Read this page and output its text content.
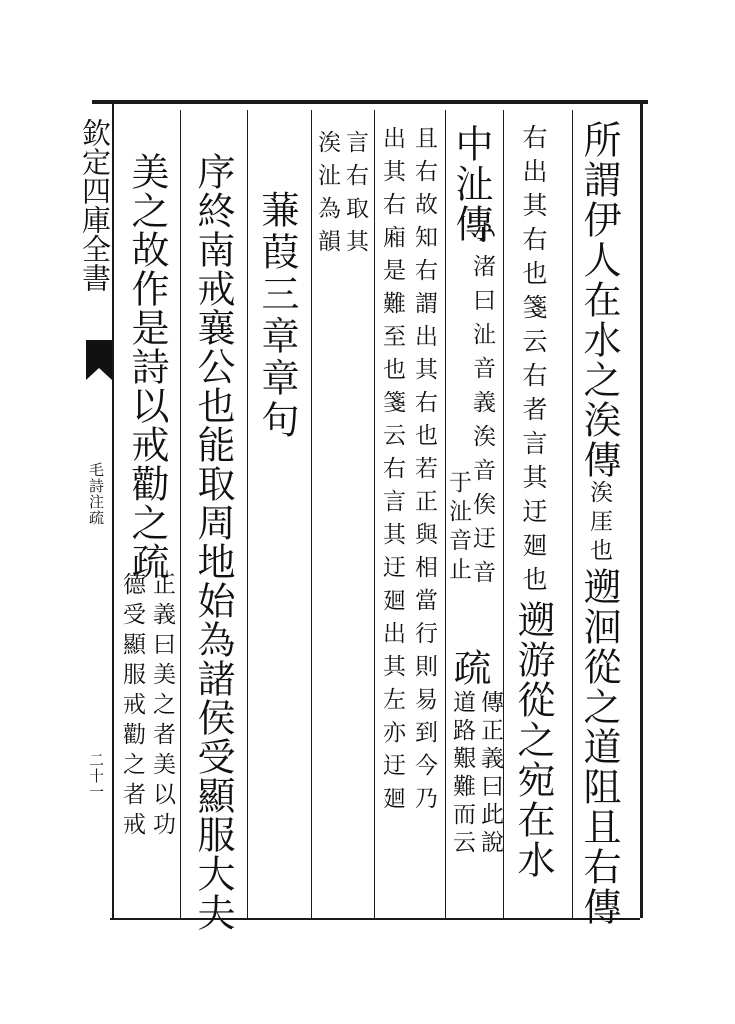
欽定四庫全書
毛詩注疏
二十一
所謂伊人在水之涘傳涘厓也遡洄從之道阻且右傳
右出其右也箋云右者言其迂廻也遡游從之宛在水
中沚傳
小渚曰沚音義涘音俟迂音
于沚音止
疏
傳正義曰此說
道路艱難而云
且右故知右謂出其右也若正與相當行則易到今乃
出其右廂是難至也箋云右言其迂廻出其左亦迂廻
言右取其
涘沚為韻
蒹葭三章章句
序終南戒襄公也能取周地始為諸侯受顯服大夫
美之故作是詩以戒勸之疏
正義曰美之者美以功
德受顯服戒勸之者戒
